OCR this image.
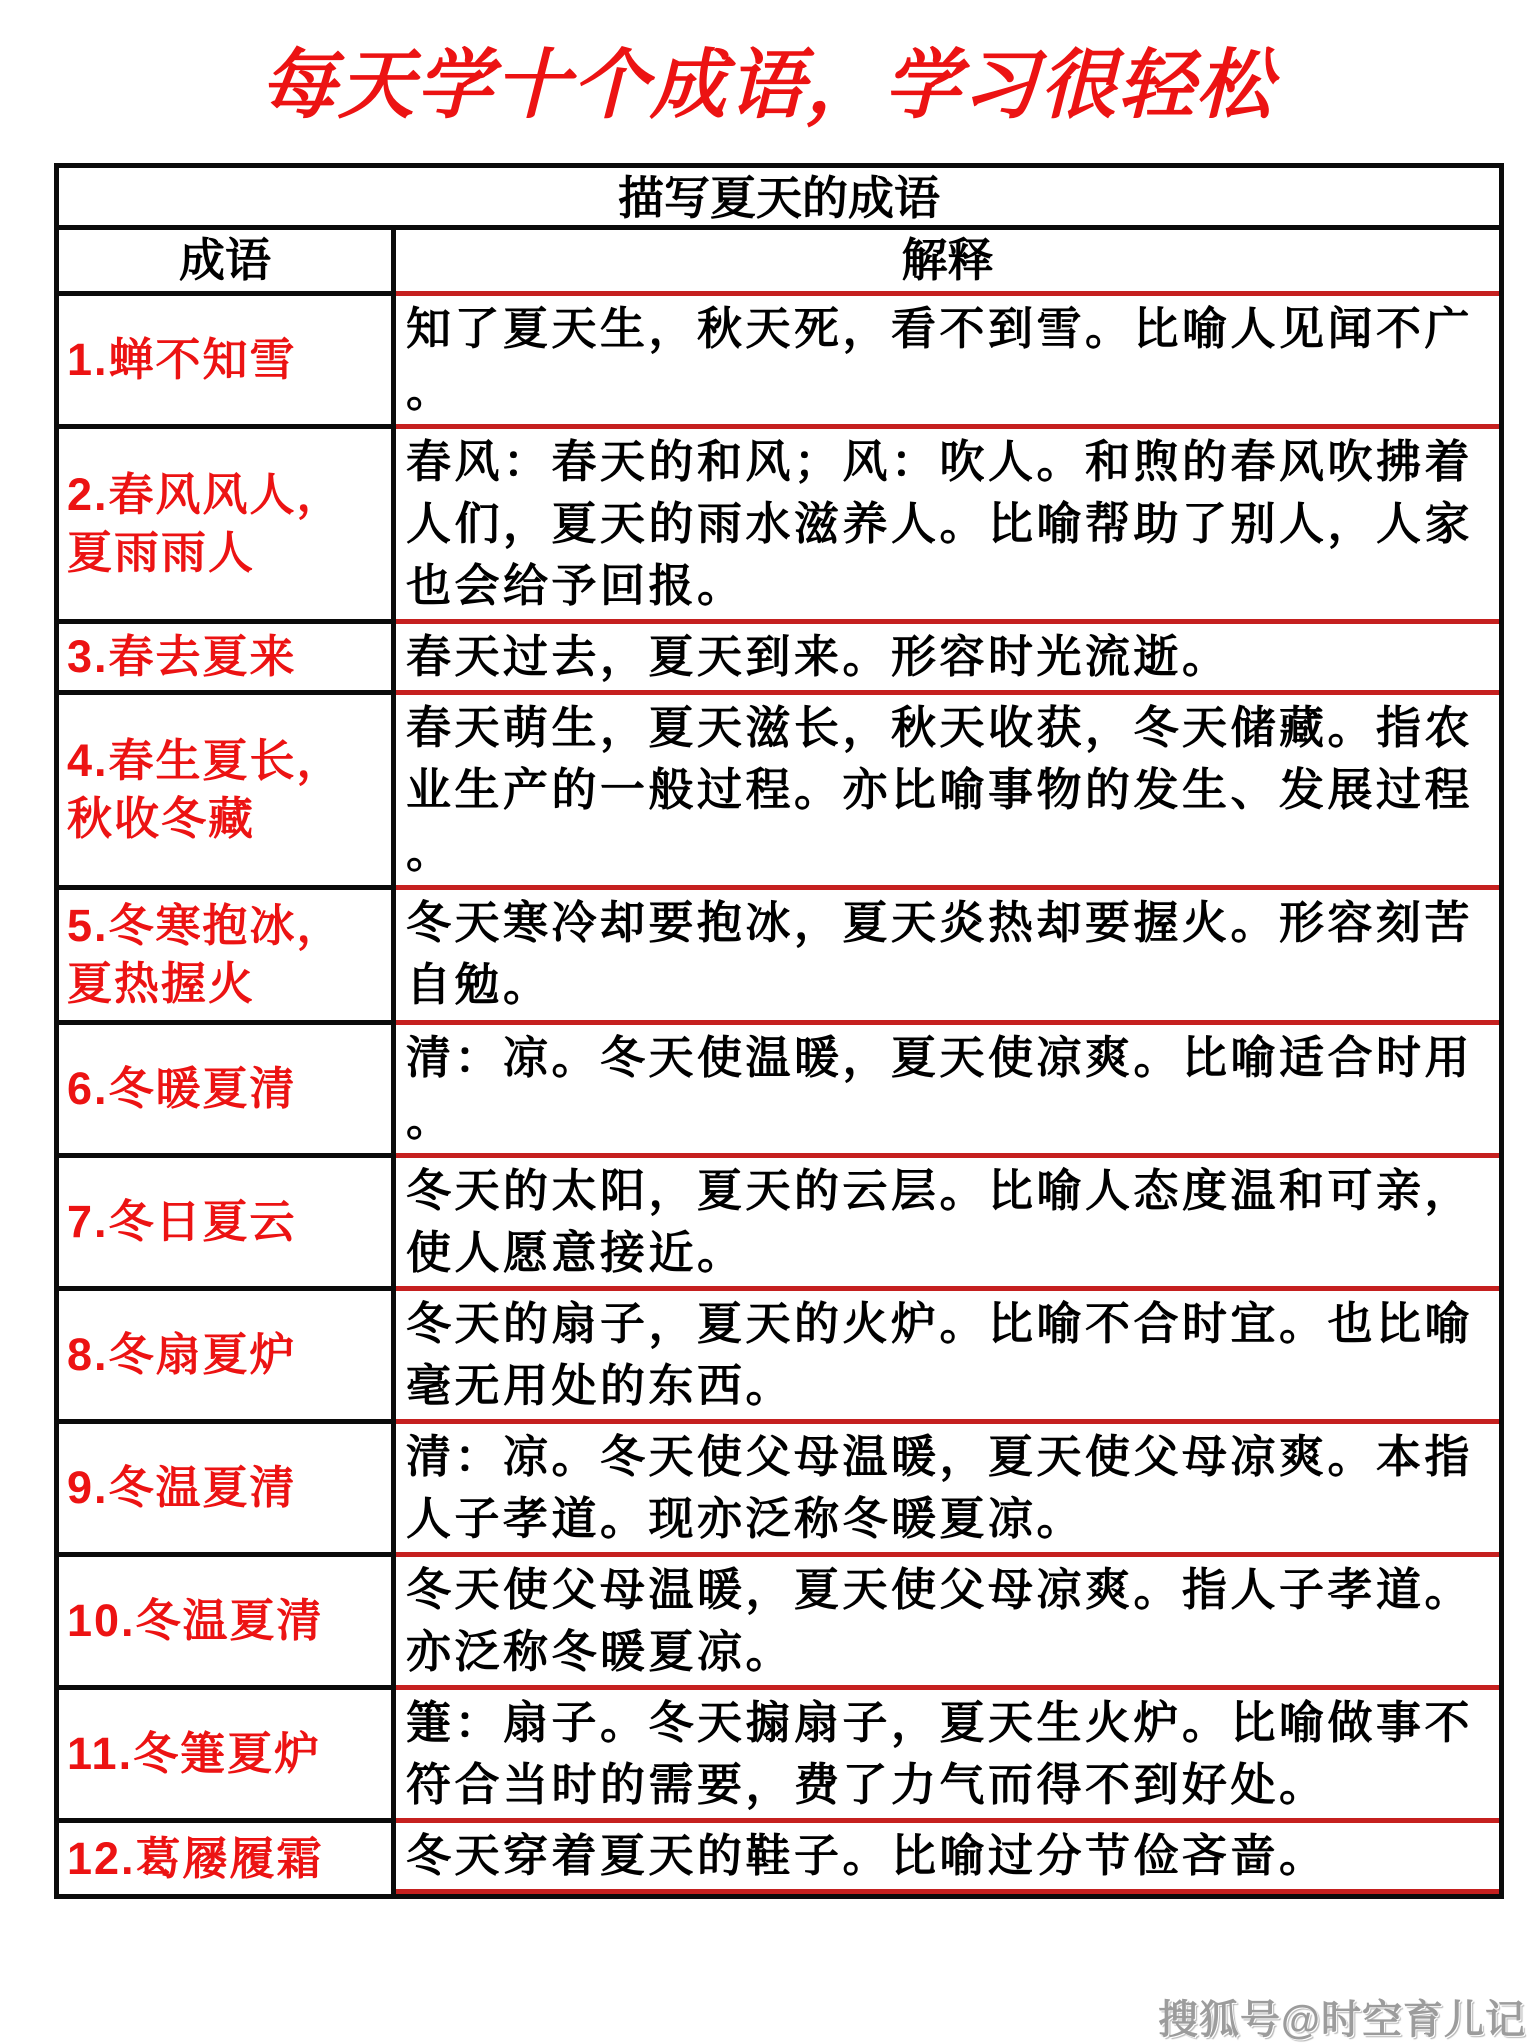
每天学十个成语，学习很轻松
描写夏天的成语
成语	解释
1.蝉不知雪
知了夏天生，秋天死，看不到雪。比喻人见闻不广。
2.春风风人，夏雨雨人
春风：春天的和风；风：吹人。和煦的春风吹拂着人们，夏天的雨水滋养人。比喻帮助了别人，人家也会给予回报。
3.春去夏来	春天过去，夏天到来。形容时光流逝。
4.春生夏长，秋收冬藏
春天萌生，夏天滋长，秋天收获，冬天储藏。指农业生产的一般过程。亦比喻事物的发生、发展过程。
5.冬寒抱冰，夏热握火
冬天寒冷却要抱冰，夏天炎热却要握火。形容刻苦自勉。
6.冬暖夏清
清：凉。冬天使温暖，夏天使凉爽。比喻适合时用。
7.冬日夏云
冬天的太阳，夏天的云层。比喻人态度温和可亲，使人愿意接近。
8.冬扇夏炉
冬天的扇子，夏天的火炉。比喻不合时宜。也比喻毫无用处的东西。
9.冬温夏清
清：凉。冬天使父母温暖，夏天使父母凉爽。本指人子孝道。现亦泛称冬暖夏凉。
10.冬温夏清
冬天使父母温暖，夏天使父母凉爽。指人子孝道。亦泛称冬暖夏凉。
11.冬箑夏炉
箑：扇子。冬天搧扇子，夏天生火炉。比喻做事不符合当时的需要，费了力气而得不到好处。
12.葛屦履霜	冬天穿着夏天的鞋子。比喻过分节俭吝啬。
搜狐号@时空育儿记
